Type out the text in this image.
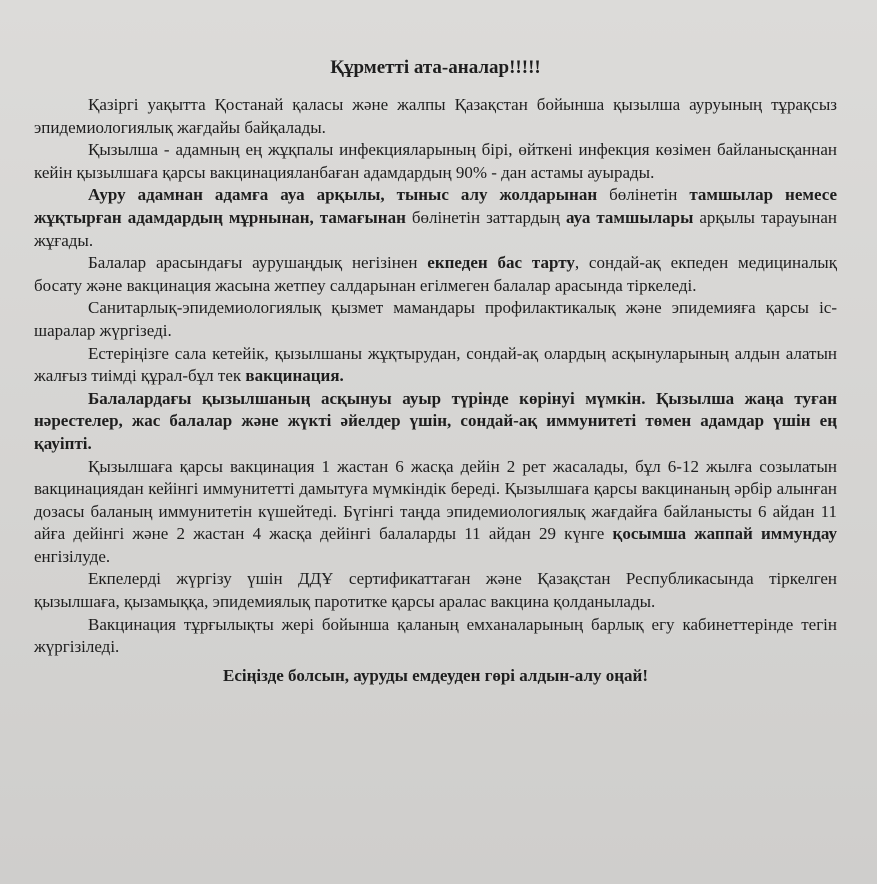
Құрметті ата-аналар!!!!!

Қазіргі уақытта Қостанай қаласы және жалпы Қазақстан бойынша қызылша ауруының тұрақсыз эпидемиологиялық жағдайы байқалады.

Қызылша - адамның ең жұқпалы инфекцияларының бірі, өйткені инфекция көзімен байланысқаннан кейін қызылшаға қарсы вакцинацияланбаған адамдардың 90% - дан астамы ауырады.

Ауру адамнан адамға ауа арқылы, тыныс алу жолдарынан бөлінетін тамшылар немесе жұқтырған адамдардың мұрнынан, тамағынан бөлінетін заттардың ауа тамшылары арқылы тарауынан жұғады.

Балалар арасындағы аурушаңдық негізінен екпеден бас тарту, сондай-ақ екпеден медициналық босату және вакцинация жасына жетпеу салдарынан егілмеген балалар арасында тіркеледі.

Санитарлық-эпидемиологиялық қызмет мамандары профилактикалық және эпидемияға қарсы іс-шаралар жүргізеді.

Естеріңізге сала кетейік, қызылшаны жұқтырудан, сондай-ақ олардың асқынуларының алдын алатын жалғыз тиімді құрал-бұл тек вакцинация.

Балалардағы қызылшаның асқынуы ауыр түрінде көрінуі мүмкін. Қызылша жаңа туған нәрестелер, жас балалар және жүкті әйелдер үшін, сондай-ақ иммунитеті төмен адамдар үшін ең қауіпті.

Қызылшаға қарсы вакцинация 1 жастан 6 жасқа дейін 2 рет жасалады, бұл 6-12 жылға созылатын вакцинациядан кейінгі иммунитетті дамытуға мүмкіндік береді. Қызылшаға қарсы вакцинаның әрбір алынған дозасы баланың иммунитетін күшейтеді. Бүгінгі таңда эпидемиологиялық жағдайға байланысты 6 айдан 11 айға дейінгі және 2 жастан 4 жасқа дейінгі балаларды 11 айдан 29 күнге қосымша жаппай иммундау енгізілуде.

Екпелерді жүргізу үшін ДДҰ сертификаттаған және Қазақстан Республикасында тіркелген қызылшаға, қызамыққа, эпидемиялық паротитке қарсы аралас вакцина қолданылады.

Вакцинация тұрғылықты жері бойынша қаланың емханаларының барлық егу кабинеттерінде тегін жүргізіледі.

Есіңізде болсын, ауруды емдеуден гөрі алдын-алу оңай!
